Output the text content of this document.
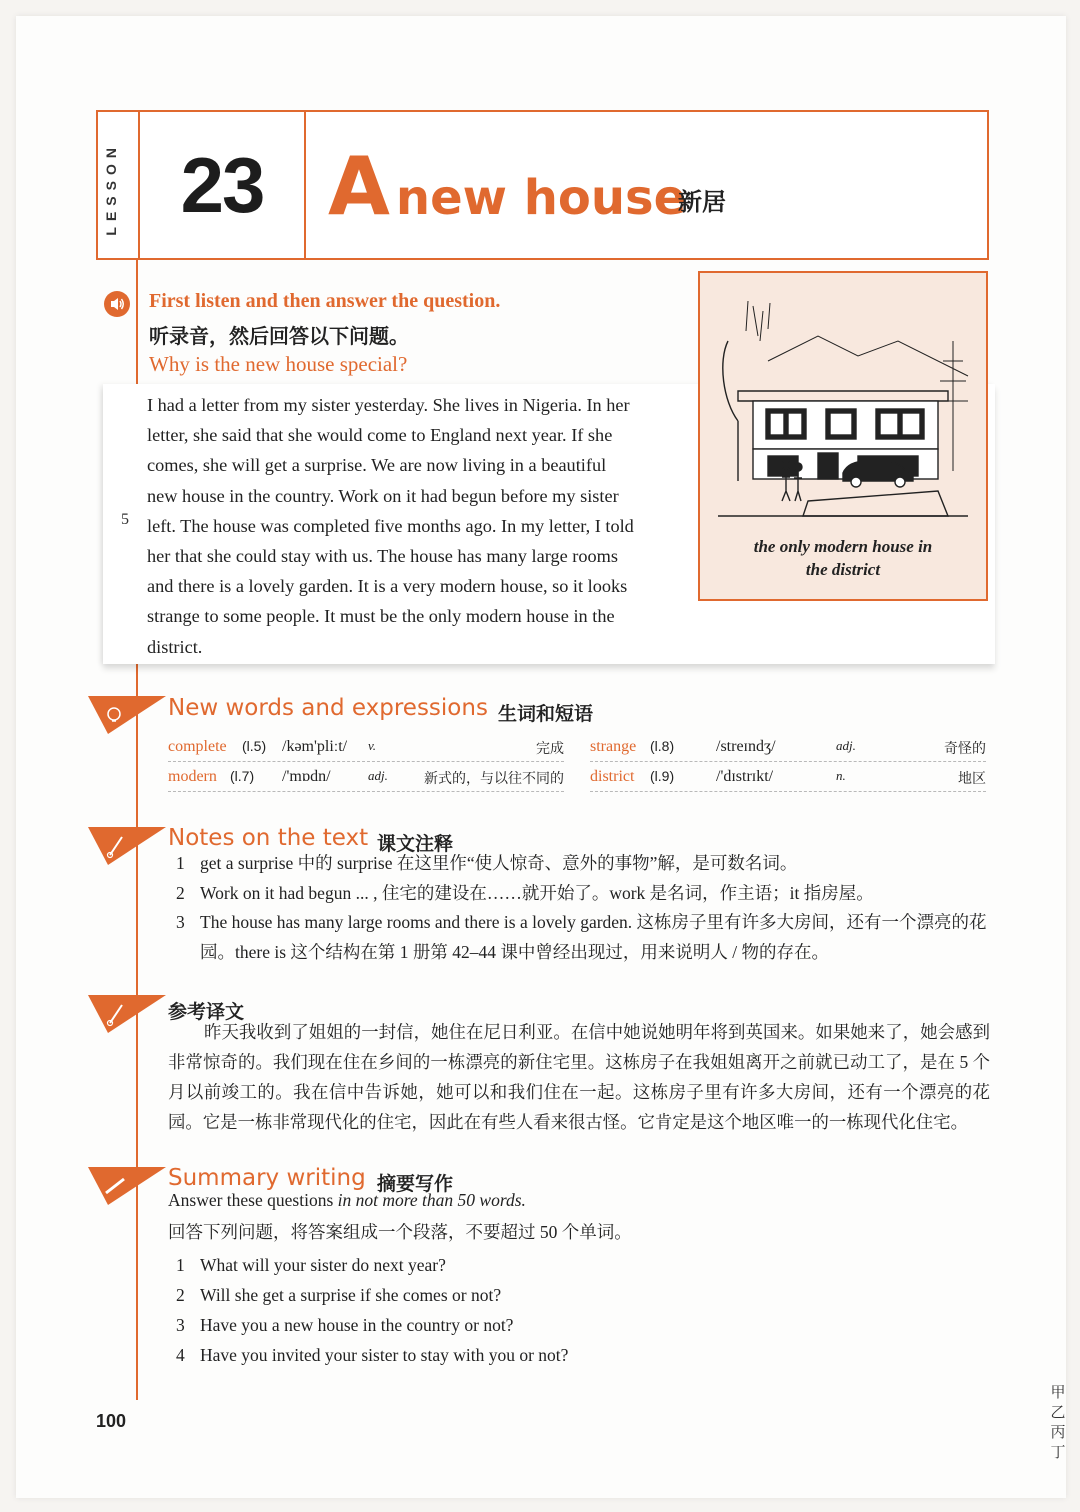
LESSON 23 Anew house
新居
First listen and then answer the question.
听录音，然后回答以下问题。
Why is the new house special?
5
I had a letter from my sister yesterday. She lives in Nigeria. In her
letter, she said that she would come to England next year. If she
comes, she will get a surprise. We are now living in a beautiful
new house in the country. Work on it had begun before my sister
left. The house was completed five months ago. In my letter, I told
her that she could stay with us. The house has many large rooms
and there is a lovely garden. It is a very modern house, so it looks
strange to some people. It must be the only modern house in the
district.
the only modern house in
the district
New words and expressions 生词和短语
complete (l.5) /kəm'pliːt/ v.	完成 strange (l.8)	/streɪndʒ/	adj.	奇怪的
modern (l.7) /'mɒdn/	adj.	新式的，与以往不同的 district (l.9)	/'dɪstrɪkt/	n.	地区
Notes on the text 课文注释
1 get a surprise 中的 surprise 在这里作“使人惊奇、意外的事物”解，是可数名词。
2 Work on it had begun ... , 住宅的建设在……就开始了。work 是名词，作主语；it 指房屋。
3 The house has many large rooms and there is a lovely garden. 这栋房子里有许多大房间，还有一个漂亮的花园。there is 这个结构在第 1 册第 42–44 课中曾经出现过，用来说明人 / 物的存在。
参考译文
昨天我收到了姐姐的一封信，她住在尼日利亚。在信中她说她明年将到英国来。如果她来了，她会感到非常惊奇的。我们现在住在乡间的一栋漂亮的新住宅里。这栋房子在我姐姐离开之前就已动工了，是在 5 个月以前竣工的。我在信中告诉她，她可以和我们住在一起。这栋房子里有许多大房间，还有一个漂亮的花园。它是一栋非常现代化的住宅，因此在有些人看来很古怪。它肯定是这个地区唯一的一栋现代化住宅。
Summary writing 摘要写作
Answer these questions in not more than 50 words.
回答下列问题，将答案组成一个段落，不要超过 50 个单词。
1 What will your sister do next year?
2 Will she get a surprise if she comes or not?
3 Have you a new house in the country or not?
4 Have you invited your sister to stay with you or not?
100
甲乙丙丁
